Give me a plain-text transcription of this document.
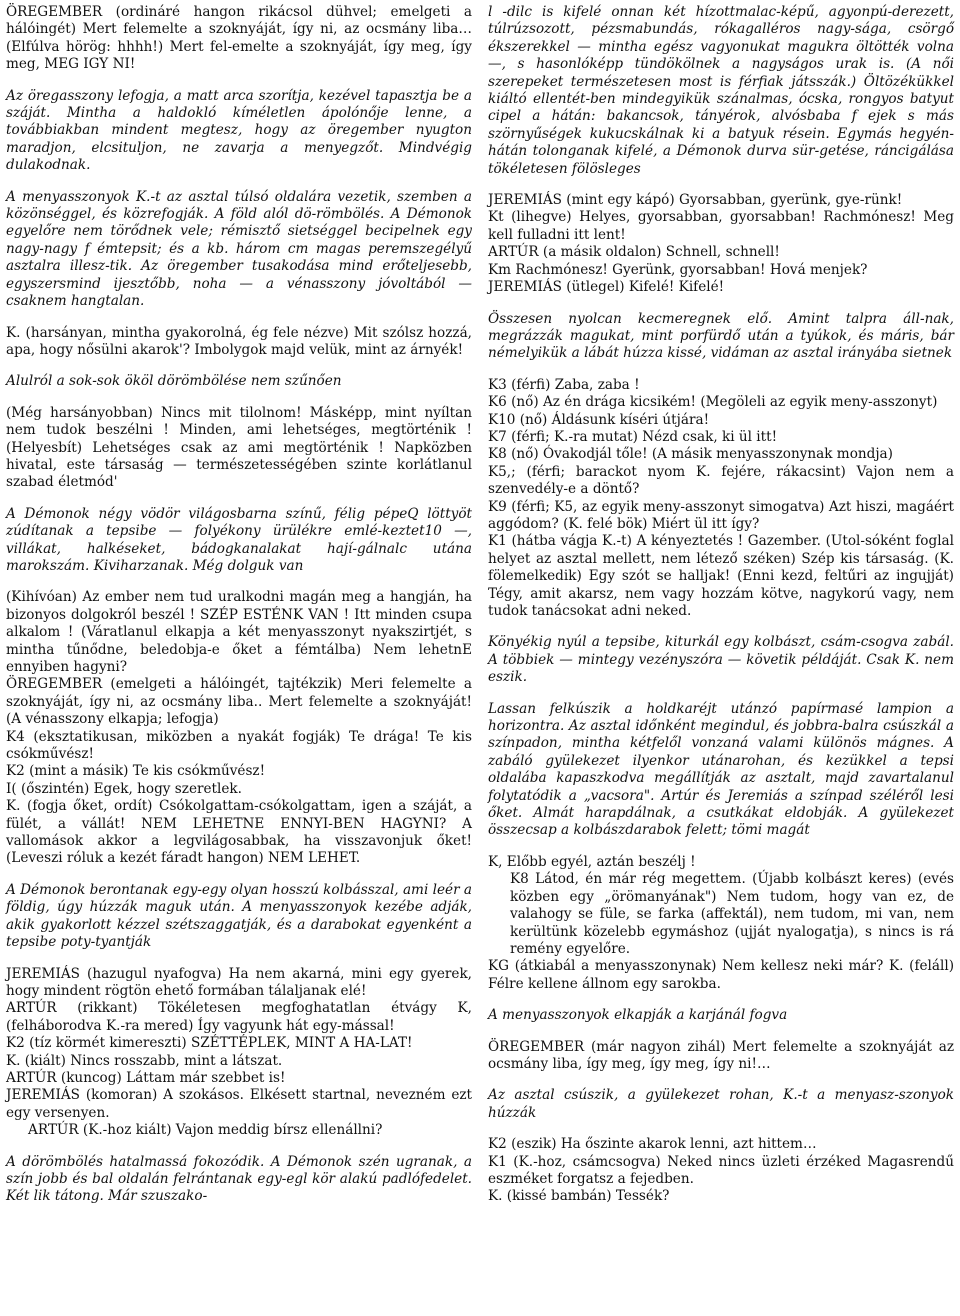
ÖREGEMBER (ordináré hangon rikácsol dühvel; emelgeti a hálóingét) Mert felemelte a szoknyáját, így ni, az ocsmány liba… (Elfúlva hörög: hhhh!) Mert fel-emelte a szoknyáját, így meg, így meg, MEG IGY NI!

Az öregasszony lefogja, a matt arca szorítja, kezével tapasztja be a száját. Mintha a haldokló kíméletlen ápolónője lenne, a továbbiakban mindent megtesz, hogy az öregember nyugton maradjon, elcsituljon, ne zavarja a menyegzőt. Mindvégig dulakodnak.

A menyasszonyok K.-t az asztal túlsó oldalára vezetik, szemben a közönséggel, és közrefogják. A föld alól dö-römbölés. A Démonok egyelőre nem törődnek vele; rémisztő sietséggel becipelnek egy nagy-nagy f émtepsit; és a kb. három cm magas peremszegélyű asztalra illesz-tik. Az öregember tusakodása mind erőteljesebb, egyszersmind ijesztőbb, noha — a vénasszony jóvoltából — csaknem hangtalan.

K. (harsányan, mintha gyakorolná, ég fele nézve) Mit szólsz hozzá, apa, hogy nősülni akarok'? Imbolygok majd velük, mint az árnyék!

Alulról a sok-sok ököl dörömbölése nem szűnően

(Még harsányobban) Nincs mit tilolnom! Másképp, mint nyíltan nem tudok beszélni ! Minden, ami lehetséges, megtörténik ! (Helyesbít) Lehetséges csak az ami megtörténik ! Napközben hivatal, este társaság — természetességében szinte korlátlanul szabad életmód'

A Démonok négy vödör világosbarna színű, félig pépeQ löttyöt zúdítanak a tepsibe — folyékony ürülékre emlé-keztet10 —, villákat, halkéseket, bádogkanalakat hají-gálnalc utána marokszám. Kiviharzanak. Még dolguk van

(Kihívóan) Az ember nem tud uralkodni magán meg a hangján, ha bizonyos dolgokról beszél ! SZÉP ESTÉNK VAN ! Itt minden csupa alkalom ! (Váratlanul elkapja a két menyasszonyt nyakszirtjét, s mintha tűnődne, beledobja-e őket a fémtálba) Nem lehetnE ennyiben hagyni?

ÖREGEMBER (emelgeti a hálóingét, tajtékzik) Meri felemelte a szoknyáját, így ni, az ocsmány liba.. Mert felemelte a szoknyáját! (A vénasszony elkapja; lefogja)

K4 (eksztatikusan, miközben a nyakát fogják) Te drága! Te kis csókművész!

K2 (mint a másik) Te kis csókművész!

I( (őszintén) Egek, hogy szeretlek.

K. (fogja őket, ordít) Csókolgattam-csókolgattam, igen a száját, a fülét, a vállát! NEM LEHETNE ENNYI-BEN HAGYNI? A vallomások akkor a legvilágosabbak, ha visszavonjuk őket! (Leveszi róluk a kezét fáradt hangon) NEM LEHET.

A Démonok berontanak egy-egy olyan hosszú kolbásszal, ami leér a földig, úgy húzzák maguk után. A menyasszonyok kezébe adják, akik gyakorlott kézzel szétszaggatják, és a darabokat egyenként a tepsibe poty-tyantják

JEREMIÁS (hazugul nyafogva) Ha nem akarná, mini egy gyerek, hogy mindent rögtön ehető formában tálaljanak elé!

ARTÚR (rikkant) Tökéletesen megfoghatatlan étvágy K, (felháborodva K.-ra mered) Így vagyunk hát egy-mással!

K2 (tíz körmét kimereszti) SZÉTTÉPLEK, MINT A HA-LAT!

K. (kiált) Nincs rosszabb, mint a látszat.

ARTÚR (kuncog) Láttam már szebbet is!

JEREMIÁS (komoran) A szokásos. Elkésett startnal, nevezném ezt egy versenyen.

ARTÚR (K.-hoz kiált) Vajon meddig bírsz ellenállni?

A dörömbölés hatalmassá fokozódik. A Démonok szén ugranak, a szín jobb és bal oldalán felrántanak egy-egl kör alakú padlófedelet. Két lik tátong. Már szuszako-

l -dilc is kifelé onnan két hízottmalac-képű, agyonpú-derezett, túlrúzsozott, pézsmabundás, rókagalléros nagy-sága, csörgő ékszerekkel — mintha egész vagyonukat magukra öltötték volna —, s hasonlóképp tündökölnek a nagyságos urak is. (A női szerepeket természetesen most is férfiak játsszák.) Öltözékükkel kiáltó ellentét-ben mindegyikük szánalmas, ócska, rongyos batyut cipel a hátán: bakancsok, tányérok, alvósbaba f ejek s más szörnyűségek kukucskálnak ki a batyuk résein. Egymás hegyén-hátán tolonganak kifelé, a Démonok durva sür-getése, ráncigálása tökéletesen fölösleges

JEREMIÁS (mint egy kápó) Gyorsabban, gyerünk, gye-rünk!

Kt (lihegve) Helyes, gyorsabban, gyorsabban! Rachmónesz! Meg kell fulladni itt lent!

ARTÚR (a másik oldalon) Schnell, schnell!

Km Rachmónesz! Gyerünk, gyorsabban! Hová menjek?

JEREMIÁS (ütlegel) Kifelé! Kifelé!

Összesen nyolcan kecmeregnek elő. Amint talpra áll-nak, megrázzák magukat, mint porfürdő után a tyúkok, és máris, bár némelyikük a lábát húzza kissé, vidáman az asztal irányába sietnek

K3 (férfi) Zaba, zaba !

K6 (nő) Az én drága kicsikém! (Megöleli az egyik meny-asszonyt)

K10 (nő) Áldásunk kíséri útjára!

K7 (férfi; K.-ra mutat) Nézd csak, ki ül itt!

K8 (nő) Óvakodjál tőle! (A másik menyasszonynak mondja)

K5,; (férfi; barackot nyom K. fejére, rákacsint) Vajon nem a szenvedély-e a döntő?

K9 (férfi; K5, az egyik meny-asszonyt simogatva) Azt hiszi, magáért aggódom? (K. felé bök) Miért ül itt így?

K1 (hátba vágja K.-t) A kényeztetés ! Gazember. (Utol-sóként foglal helyet az asztal mellett, nem létező széken) Szép kis társaság. (K. fölemelkedik) Egy szót se halljak! (Enni kezd, feltűri az ingujját) Tégy, amit akarsz, nem vagy hozzám kötve, nagykorú vagy, nem tudok tanácsokat adni neked.

Könyékig nyúl a tepsibe, kiturkál egy kolbászt, csám-csogva zabál. A többiek — mintegy vezényszóra — követik példáját. Csak K. nem eszik.

Lassan felkúszik a holdkaréjt utánzó papírmasé lampion a horizontra. Az asztal időnként megindul, és jobbra-balra csúszkál a színpadon, mintha kétfelől vonzaná valami különös mágnes. A zabáló gyülekezet ilyenkor utánarohan, és kezükkel a tepsi oldalába kapaszkodva megállítják az asztalt, majd zavartalanul folytatódik a „vacsora". Artúr és Jeremiás a színpad széléről lesi őket. Almát harapdálnak, a csutkákat eldobják. A gyülekezet összecsap a kolbászdarabok felett; tömi magát

K, Előbb egyél, aztán beszélj !

K8 Látod, én már rég megettem. (Újabb kolbászt keres) (evés közben egy „örömanyának") Nem tudom, hogy van ez, de valahogy se füle, se farka (affektál), nem tudom, mi van, nem kerültünk közelebb egymáshoz (ujját nyalogatja), s nincs is rá remény egyelőre.

KG (átkiabál a menyasszonynak) Nem kellesz neki már? K. (feláll) Félre kellene állnom egy sarokba.

A menyasszonyok elkapják a karjánál fogva

ÖREGEMBER (már nagyon zihál) Mert felemelte a szoknyáját az ocsmány liba, így meg, így meg, így ni!…

Az asztal csúszik, a gyülekezet rohan, K.-t a menyasz-szonyok húzzák

K2 (eszik) Ha őszinte akarok lenni, azt hittem…

K1 (K.-hoz, csámcsogva) Neked nincs üzleti érzéked Magasrendű eszméket forgatsz a fejedben.

K. (kissé bambán) Tessék?
